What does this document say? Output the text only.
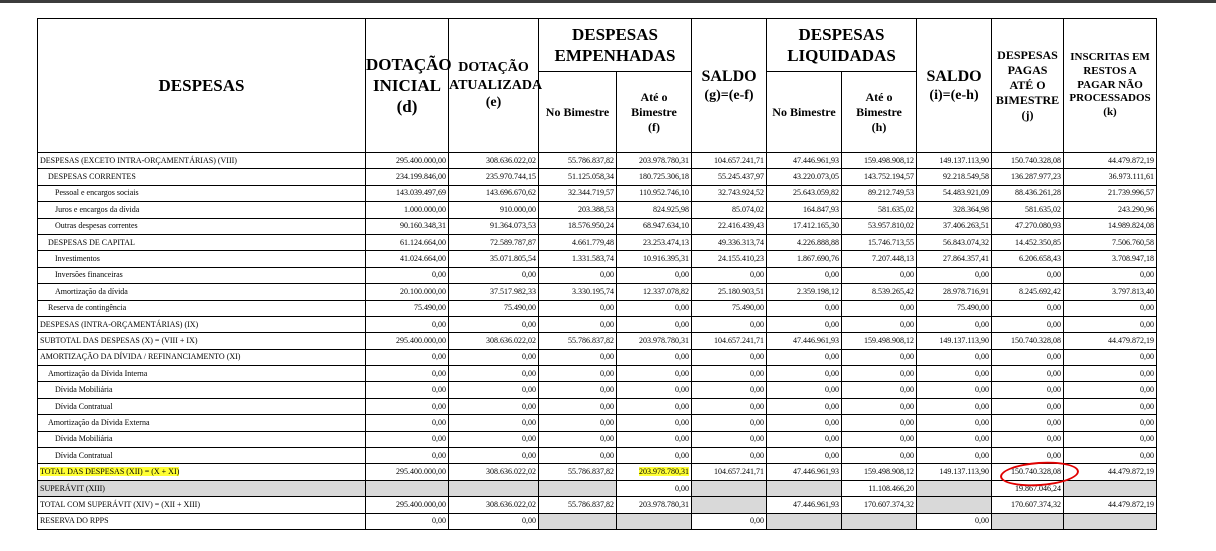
DESPESAS	DOTAÇÃO
INICIAL
(d)	DOTAÇÃO
ATUALIZADA
(e)	DESPESAS
EMPENHADAS		SALDO
(g)=(e-f)	DESPESAS
LIQUIDADAS		SALDO
(i)=(e-h)	DESPESAS
PAGAS
ATÉ O
BIMESTRE
(j)	INSCRITAS EM
RESTOS A
PAGAR NÃO
PROCESSADOS
(k)
			No Bimestre	Até o
Bimestre
(f)		No Bimestre	Até o
Bimestre
(h)			
DESPESAS (EXCETO INTRA-ORÇAMENTÁRIAS) (VIII)	295.400.000,00	308.636.022,02	55.786.837,82	203.978.780,31	104.657.241,71	47.446.961,93	159.498.908,12	149.137.113,90	150.740.328,08	44.479.872,19
DESPESAS CORRENTES	234.199.846,00	235.970.744,15	51.125.058,34	180.725.306,18	55.245.437,97	43.220.073,05	143.752.194,57	92.218.549,58	136.287.977,23	36.973.111,61
Pessoal e encargos sociais	143.039.497,69	143.696.670,62	32.344.719,57	110.952.746,10	32.743.924,52	25.643.059,82	89.212.749,53	54.483.921,09	88.436.261,28	21.739.996,57
Juros e encargos da dívida	1.000.000,00	910.000,00	203.388,53	824.925,98	85.074,02	164.847,93	581.635,02	328.364,98	581.635,02	243.290,96
Outras despesas correntes	90.160.348,31	91.364.073,53	18.576.950,24	68.947.634,10	22.416.439,43	17.412.165,30	53.957.810,02	37.406.263,51	47.270.080,93	14.989.824,08
DESPESAS DE CAPITAL	61.124.664,00	72.589.787,87	4.661.779,48	23.253.474,13	49.336.313,74	4.226.888,88	15.746.713,55	56.843.074,32	14.452.350,85	7.506.760,58
Investimentos	41.024.664,00	35.071.805,54	1.331.583,74	10.916.395,31	24.155.410,23	1.867.690,76	7.207.448,13	27.864.357,41	6.206.658,43	3.708.947,18
Inversões financeiras	0,00	0,00	0,00	0,00	0,00	0,00	0,00	0,00	0,00	0,00
Amortização da dívida	20.100.000,00	37.517.982,33	3.330.195,74	12.337.078,82	25.180.903,51	2.359.198,12	8.539.265,42	28.978.716,91	8.245.692,42	3.797.813,40
Reserva de contingência	75.490,00	75.490,00	0,00	0,00	75.490,00	0,00	0,00	75.490,00	0,00	0,00
DESPESAS (INTRA-ORÇAMENTÁRIAS) (IX)	0,00	0,00	0,00	0,00	0,00	0,00	0,00	0,00	0,00	0,00
SUBTOTAL DAS DESPESAS (X) = (VIII + IX)	295.400.000,00	308.636.022,02	55.786.837,82	203.978.780,31	104.657.241,71	47.446.961,93	159.498.908,12	149.137.113,90	150.740.328,08	44.479.872,19
AMORTIZAÇÃO DA DÍVIDA / REFINANCIAMENTO (XI)	0,00	0,00	0,00	0,00	0,00	0,00	0,00	0,00	0,00	0,00
Amortização da Dívida Interna	0,00	0,00	0,00	0,00	0,00	0,00	0,00	0,00	0,00	0,00
Dívida Mobiliária	0,00	0,00	0,00	0,00	0,00	0,00	0,00	0,00	0,00	0,00
Dívida Contratual	0,00	0,00	0,00	0,00	0,00	0,00	0,00	0,00	0,00	0,00
Amortização da Dívida Externa	0,00	0,00	0,00	0,00	0,00	0,00	0,00	0,00	0,00	0,00
Dívida Mobiliária	0,00	0,00	0,00	0,00	0,00	0,00	0,00	0,00	0,00	0,00
Dívida Contratual	0,00	0,00	0,00	0,00	0,00	0,00	0,00	0,00	0,00	0,00
TOTAL DAS DESPESAS (XII) = (X + XI)	295.400.000,00	308.636.022,02	55.786.837,82	203.978.780,31	104.657.241,71	47.446.961,93	159.498.908,12	149.137.113,90	150.740.328,08	44.479.872,19
SUPERÁVIT (XIII)				0,00			11.108.466,20		19.867.046,24	
TOTAL COM SUPERÁVIT (XIV) = (XII + XIII)	295.400.000,00	308.636.022,02	55.786.837,82	203.978.780,31		47.446.961,93	170.607.374,32		170.607.374,32	44.479.872,19
RESERVA DO RPPS	0,00	0,00			0,00			0,00		
